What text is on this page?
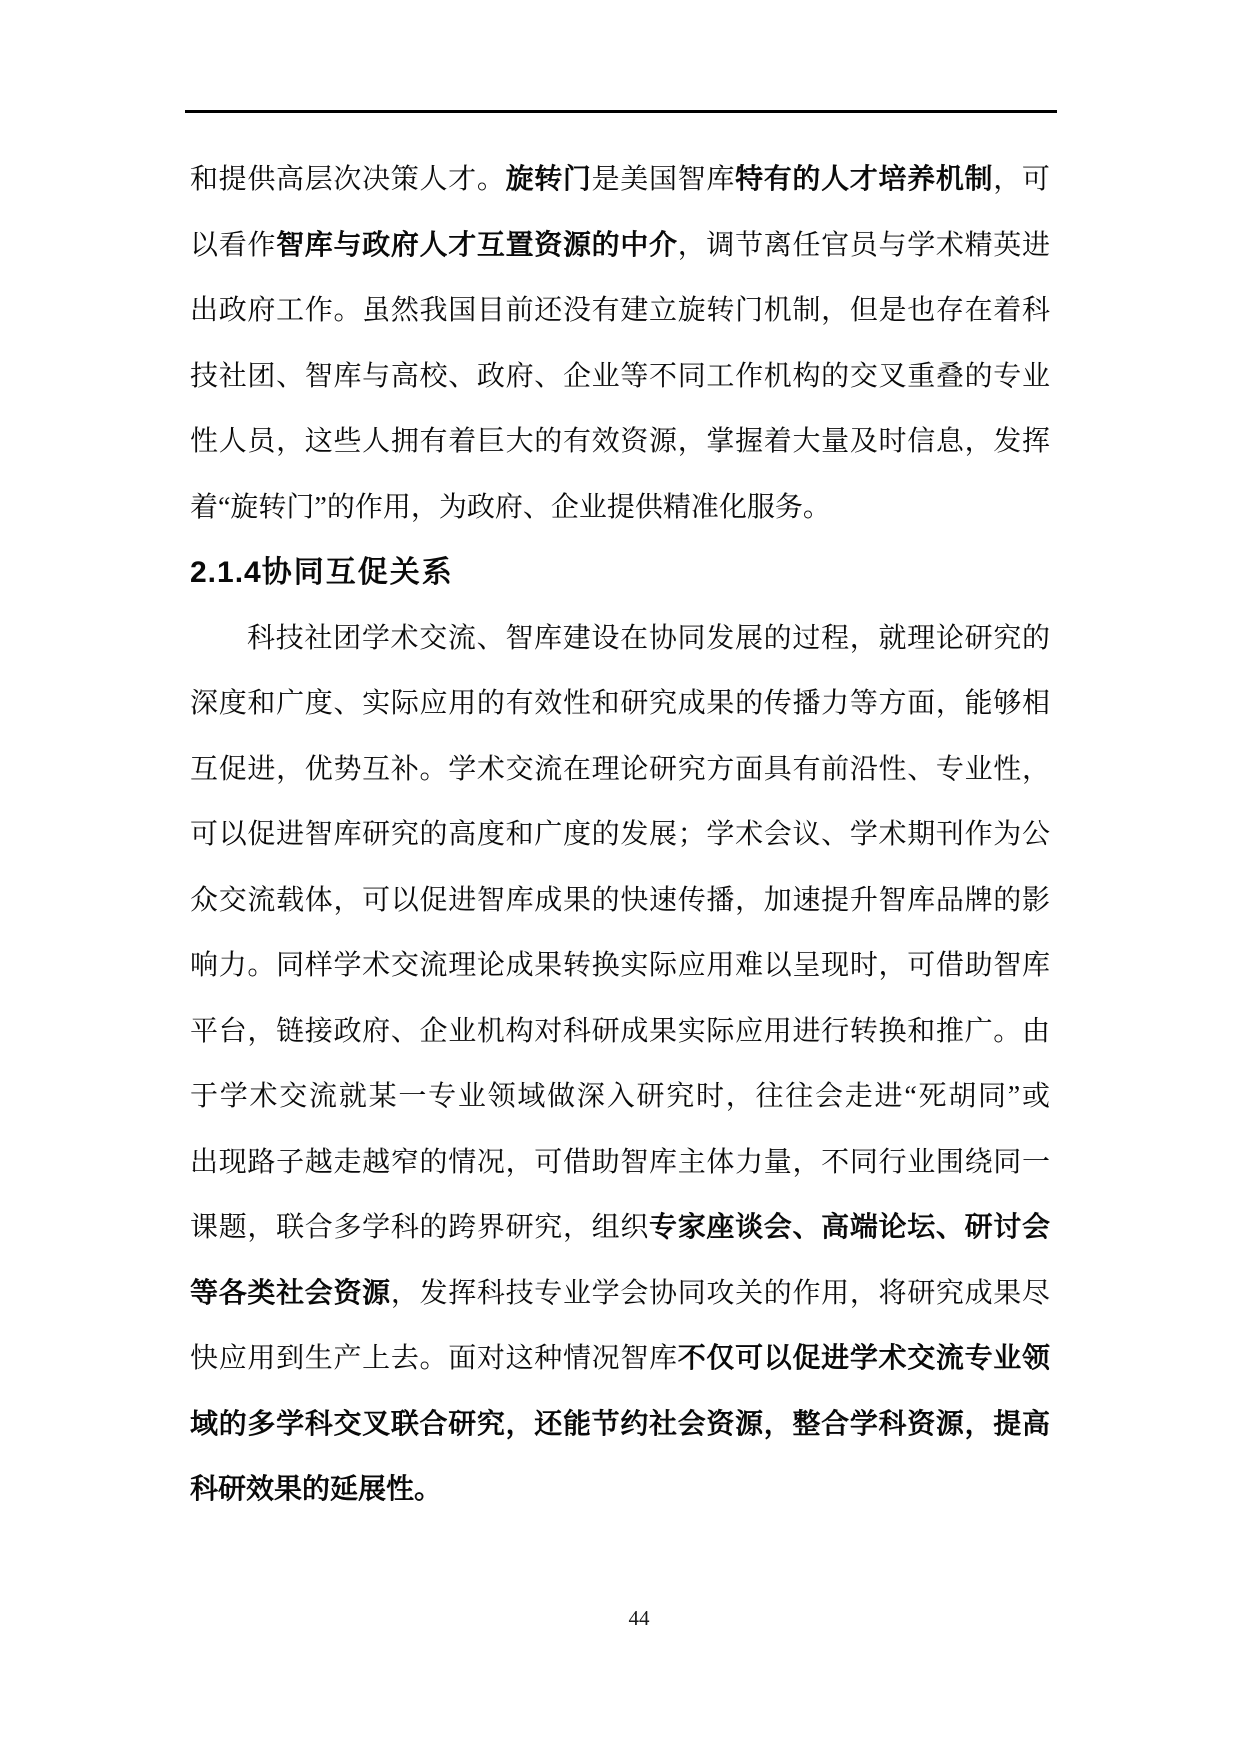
和提供高层次决策人才。旋转门是美国智库特有的人才培养机制，可
以看作智库与政府人才互置资源的中介，调节离任官员与学术精英进
出政府工作。虽然我国目前还没有建立旋转门机制，但是也存在着科
技社团、智库与高校、政府、企业等不同工作机构的交叉重叠的专业
性人员，这些人拥有着巨大的有效资源，掌握着大量及时信息，发挥
着“旋转门”的作用，为政府、企业提供精准化服务。
2.1.4协同互促关系
科技社团学术交流、智库建设在协同发展的过程，就理论研究的
深度和广度、实际应用的有效性和研究成果的传播力等方面，能够相
互促进，优势互补。学术交流在理论研究方面具有前沿性、专业性，
可以促进智库研究的高度和广度的发展；学术会议、学术期刊作为公
众交流载体，可以促进智库成果的快速传播，加速提升智库品牌的影
响力。同样学术交流理论成果转换实际应用难以呈现时，可借助智库
平台，链接政府、企业机构对科研成果实际应用进行转换和推广。由
于学术交流就某一专业领域做深入研究时，往往会走进“死胡同”或
出现路子越走越窄的情况，可借助智库主体力量，不同行业围绕同一
课题，联合多学科的跨界研究，组织专家座谈会、高端论坛、研讨会
等各类社会资源，发挥科技专业学会协同攻关的作用，将研究成果尽
快应用到生产上去。面对这种情况智库不仅可以促进学术交流专业领
域的多学科交叉联合研究，还能节约社会资源，整合学科资源，提高
科研效果的延展性。
44
